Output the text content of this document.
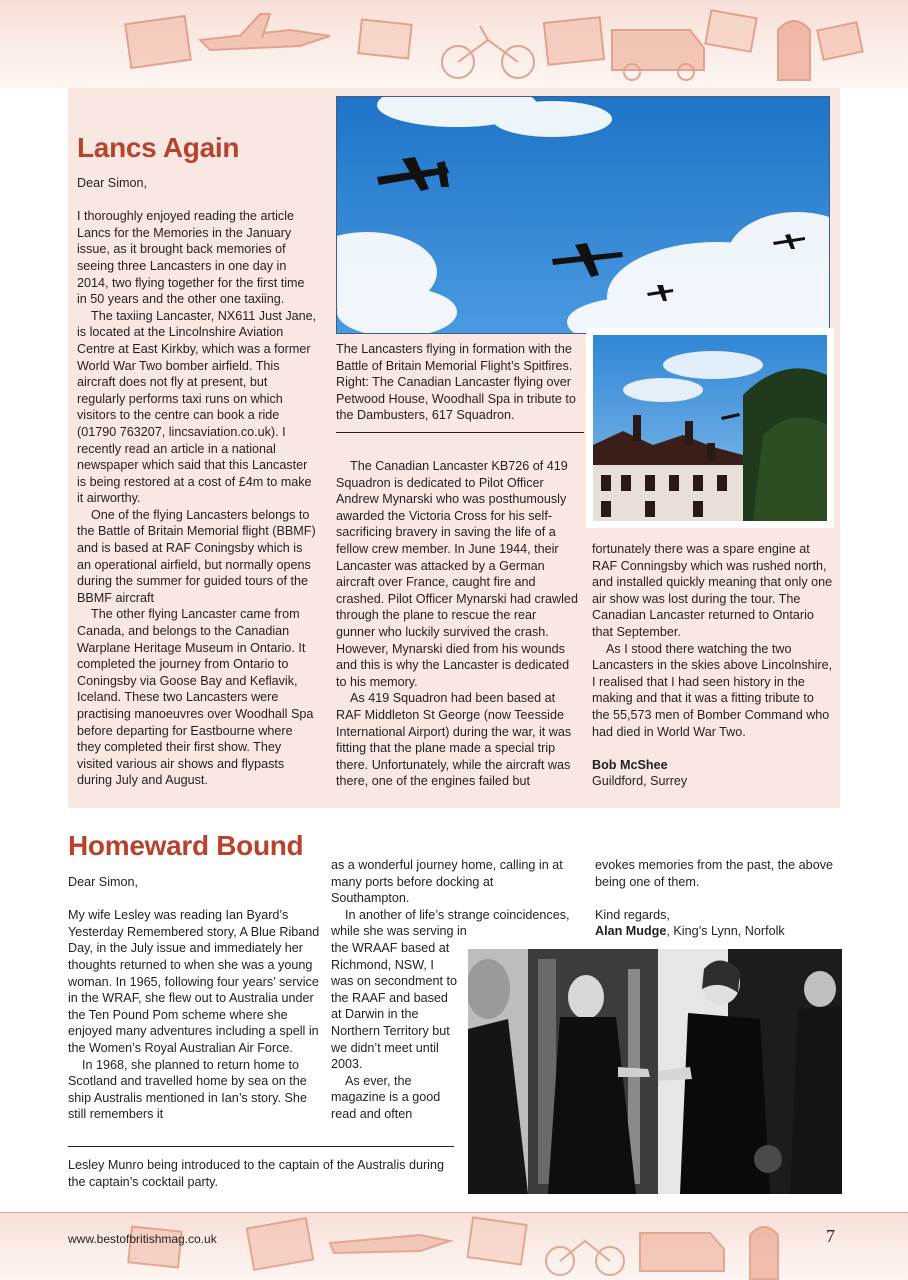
Lancs Again

Dear Simon,

I thoroughly enjoyed reading the article Lancs for the Memories in the January issue, as it brought back memories of seeing three Lancasters in one day in 2014, two flying together for the first time in 50 years and the other one taxiing.

The taxiing Lancaster, NX611 Just Jane, is located at the Lincolnshire Aviation Centre at East Kirkby, which was a former World War Two bomber airfield. This aircraft does not fly at present, but regularly performs taxi runs on which visitors to the centre can book a ride (01790 763207, lincsaviation.co.uk). I recently read an article in a national newspaper which said that this Lancaster is being restored at a cost of £4m to make it airworthy.

One of the flying Lancasters belongs to the Battle of Britain Memorial flight (BBMF) and is based at RAF Coningsby which is an operational airfield, but normally opens during the summer for guided tours of the BBMF aircraft

The other flying Lancaster came from Canada, and belongs to the Canadian Warplane Heritage Museum in Ontario. It completed the journey from Ontario to Coningsby via Goose Bay and Keflavik, Iceland. These two Lancasters were practising manoeuvres over Woodhall Spa before departing for Eastbourne where they completed their first show. They visited various air shows and flypasts during July and August.

The Lancasters flying in formation with the Battle of Britain Memorial Flight’s Spitfires. Right: The Canadian Lancaster flying over Petwood House, Woodhall Spa in tribute to the Dambusters, 617 Squadron.

The Canadian Lancaster KB726 of 419 Squadron is dedicated to Pilot Officer Andrew Mynarski who was posthumously awarded the Victoria Cross for his self-sacrificing bravery in saving the life of a fellow crew member. In June 1944, their Lancaster was attacked by a German aircraft over France, caught fire and crashed. Pilot Officer Mynarski had crawled through the plane to rescue the rear gunner who luckily survived the crash. However, Mynarski died from his wounds and this is why the Lancaster is dedicated to his memory.

As 419 Squadron had been based at RAF Middleton St George (now Teesside International Airport) during the war, it was fitting that the plane made a special trip there. Unfortunately, while the aircraft was there, one of the engines failed but

fortunately there was a spare engine at RAF Conningsby which was rushed north, and installed quickly meaning that only one air show was lost during the tour. The Canadian Lancaster returned to Ontario that September.

As I stood there watching the two Lancasters in the skies above Lincolnshire, I realised that I had seen history in the making and that it was a fitting tribute to the 55,573 men of Bomber Command who had died in World War Two.

Bob McShee

Guildford, Surrey

Homeward Bound

Dear Simon,

My wife Lesley was reading Ian Byard’s Yesterday Remembered story, A Blue Riband Day, in the July issue and immediately her thoughts returned to when she was a young woman. In 1965, following four years’ service in the WRAF, she flew out to Australia under the Ten Pound Pom scheme where she enjoyed many adventures including a spell in the Women’s Royal Australian Air Force.

In 1968, she planned to return home to Scotland and travelled home by sea on the ship Australis mentioned in Ian’s story. She still remembers it

as a wonderful journey home, calling in at many ports before docking at Southampton.

In another of life’s strange coincidences, while she was serving in

the WRAAF based at Richmond, NSW, I was on secondment to the RAAF and based at Darwin in the Northern Territory but we didn’t meet until 2003.

As ever, the magazine is a good read and often

evokes memories from the past, the above being one of them.

Kind regards,

Alan Mudge, King’s Lynn, Norfolk

Lesley Munro being introduced to the captain of the Australis during the captain’s cocktail party.
www.bestofbritishmag.co.uk	7
